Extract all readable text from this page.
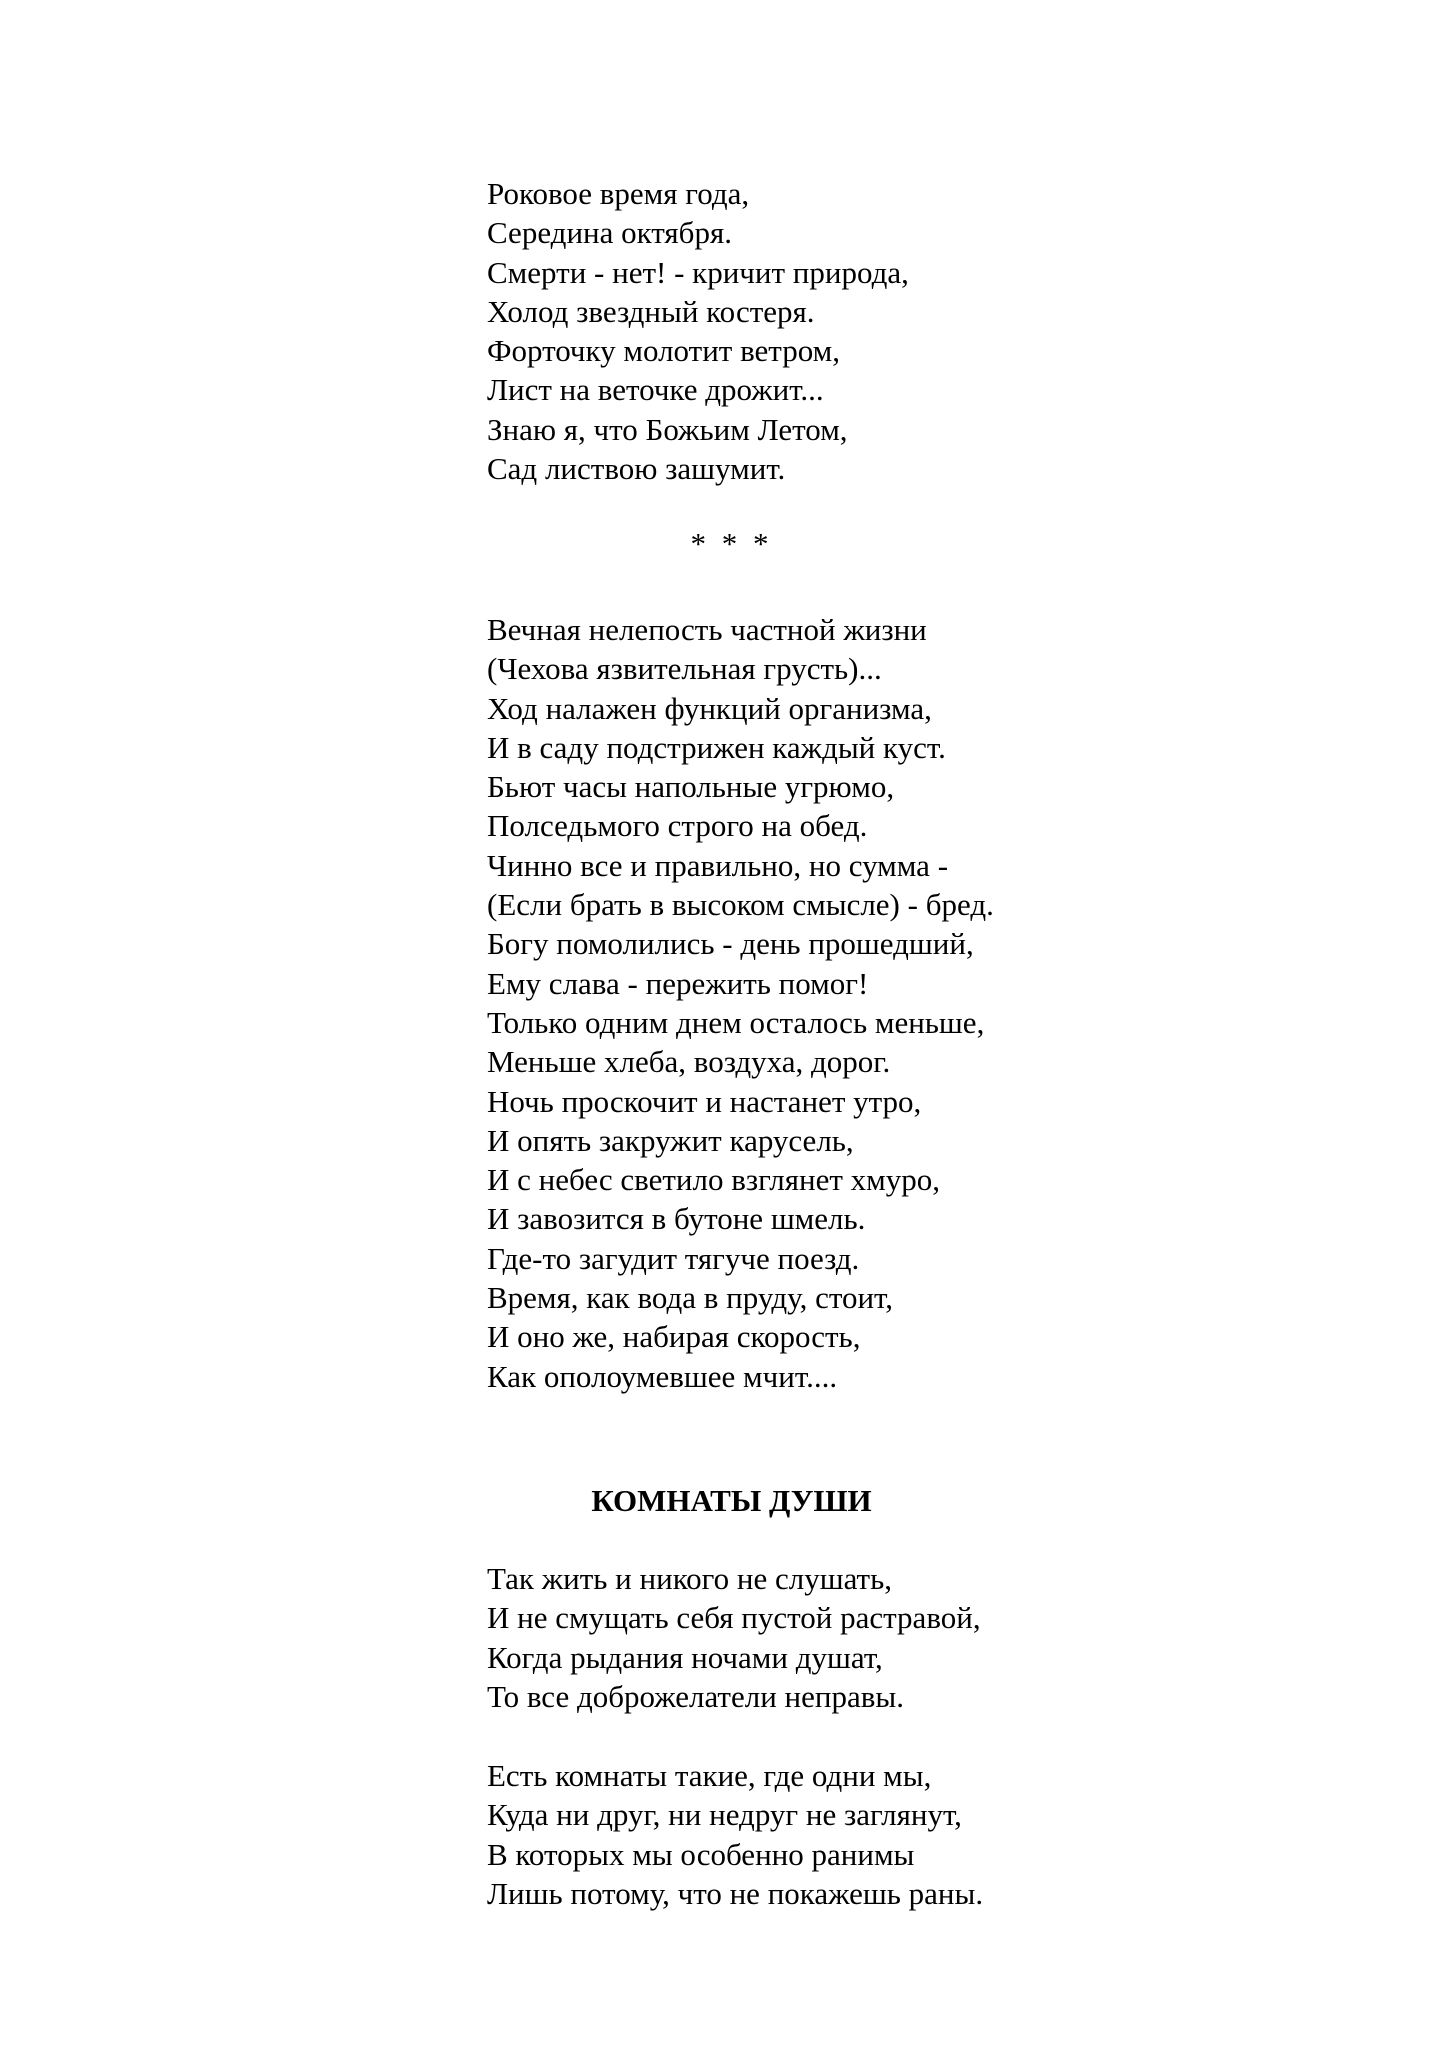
Роковое время года,
Середина октября.
Смерти - нет! - кричит природа,
Холод звездный костеря.
Форточку молотит ветром,
Лист на веточке дрожит...
Знаю я, что Божьим Летом,
Сад листвою зашумит.
* * *
Вечная нелепость частной жизни
(Чехова язвительная грусть)...
Ход налажен функций организма,
И в саду подстрижен каждый куст.
Бьют часы напольные угрюмо,
Полседьмого строго на обед.
Чинно все и правильно, но сумма -
(Если брать в высоком смысле) - бред.
Богу помолились - день прошедший,
Ему слава - пережить помог!
Только одним днем осталось меньше,
Меньше хлеба, воздуха, дорог.
Ночь проскочит и настанет утро,
И опять закружит карусель,
И с небес светило взглянет хмуро,
И завозится в бутоне шмель.
Где-то загудит тягуче поезд.
Время, как вода в пруду, стоит,
И оно же, набирая скорость,
Как ополоумевшее мчит....
КОМНАТЫ ДУШИ
Так жить и никого не слушать,
И не смущать себя пустой растравой,
Когда рыдания ночами душат,
То все доброжелатели неправы.
Есть комнаты такие, где одни мы,
Куда ни друг, ни недруг не заглянут,
В которых мы особенно ранимы
Лишь потому, что не покажешь раны.
